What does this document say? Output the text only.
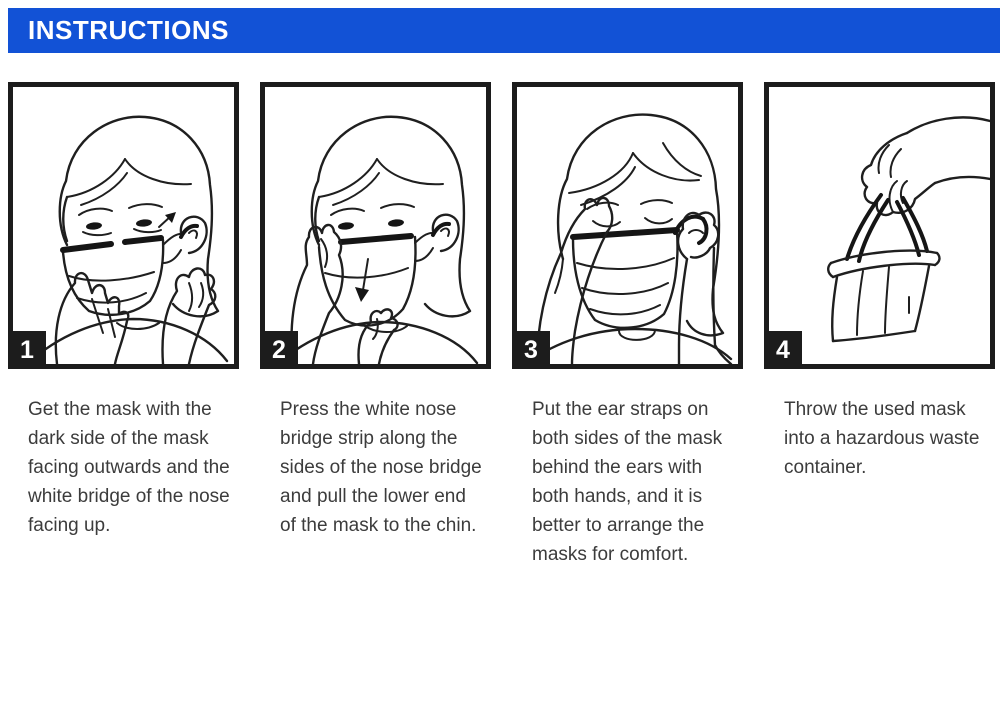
INSTRUCTIONS
1	2	3	4
Get the mask with the dark side of the mask facing outwards and the white bridge of the nose facing up.
Press the white nose bridge strip along the sides of the nose bridge and pull the lower end of the mask to the chin.
Put the ear straps on both sides of the mask behind the ears with both hands, and it is better to arrange the masks for comfort.
Throw the used mask into a hazardous waste container.
